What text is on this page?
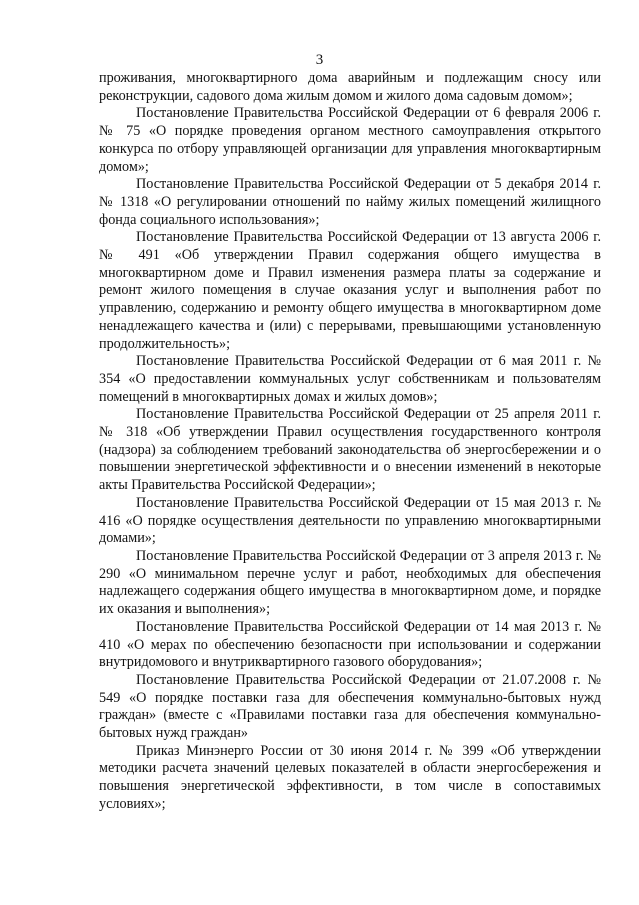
3

проживания, многоквартирного дома аварийным и подлежащим сносу или реконструкции, садового дома жилым домом и жилого дома садовым домом»;

Постановление Правительства Российской Федерации от 6 февраля 2006 г. № 75 «О порядке проведения органом местного самоуправления открытого конкурса по отбору управляющей организации для управления многоквартирным домом»;

Постановление Правительства Российской Федерации от 5 декабря 2014 г. № 1318 «О регулировании отношений по найму жилых помещений жилищного фонда социального использования»;

Постановление Правительства Российской Федерации от 13 августа 2006 г. № 491 «Об утверждении Правил содержания общего имущества в многоквартирном доме и Правил изменения размера платы за содержание и ремонт жилого помещения в случае оказания услуг и выполнения работ по управлению, содержанию и ремонту общего имущества в многоквартирном доме ненадлежащего качества и (или) с перерывами, превышающими установленную продолжительность»;

Постановление Правительства Российской Федерации от 6 мая 2011 г. № 354 «О предоставлении коммунальных услуг собственникам и пользователям помещений в многоквартирных домах и жилых домов»;

Постановление Правительства Российской Федерации от 25 апреля 2011 г. № 318 «Об утверждении Правил осуществления государственного контроля (надзора) за соблюдением требований законодательства об энергосбережении и о повышении энергетической эффективности и о внесении изменений в некоторые акты Правительства Российской Федерации»;

Постановление Правительства Российской Федерации от 15 мая 2013 г. № 416 «О порядке осуществления деятельности по управлению многоквартирными домами»;

Постановление Правительства Российской Федерации от 3 апреля 2013 г. № 290 «О минимальном перечне услуг и работ, необходимых для обеспечения надлежащего содержания общего имущества в многоквартирном доме, и порядке их оказания и выполнения»;

Постановление Правительства Российской Федерации от 14 мая 2013 г. № 410 «О мерах по обеспечению безопасности при использовании и содержании внутридомового и внутриквартирного газового оборудования»;

Постановление Правительства Российской Федерации от 21.07.2008 г. № 549 «О порядке поставки газа для обеспечения коммунально-бытовых нужд граждан» (вместе с «Правилами поставки газа для обеспечения коммунально-бытовых нужд граждан»

Приказ Минэнерго России от 30 июня 2014 г. № 399 «Об утверждении методики расчета значений целевых показателей в области энергосбережения и повышения энергетической эффективности, в том числе в сопоставимых условиях»;
